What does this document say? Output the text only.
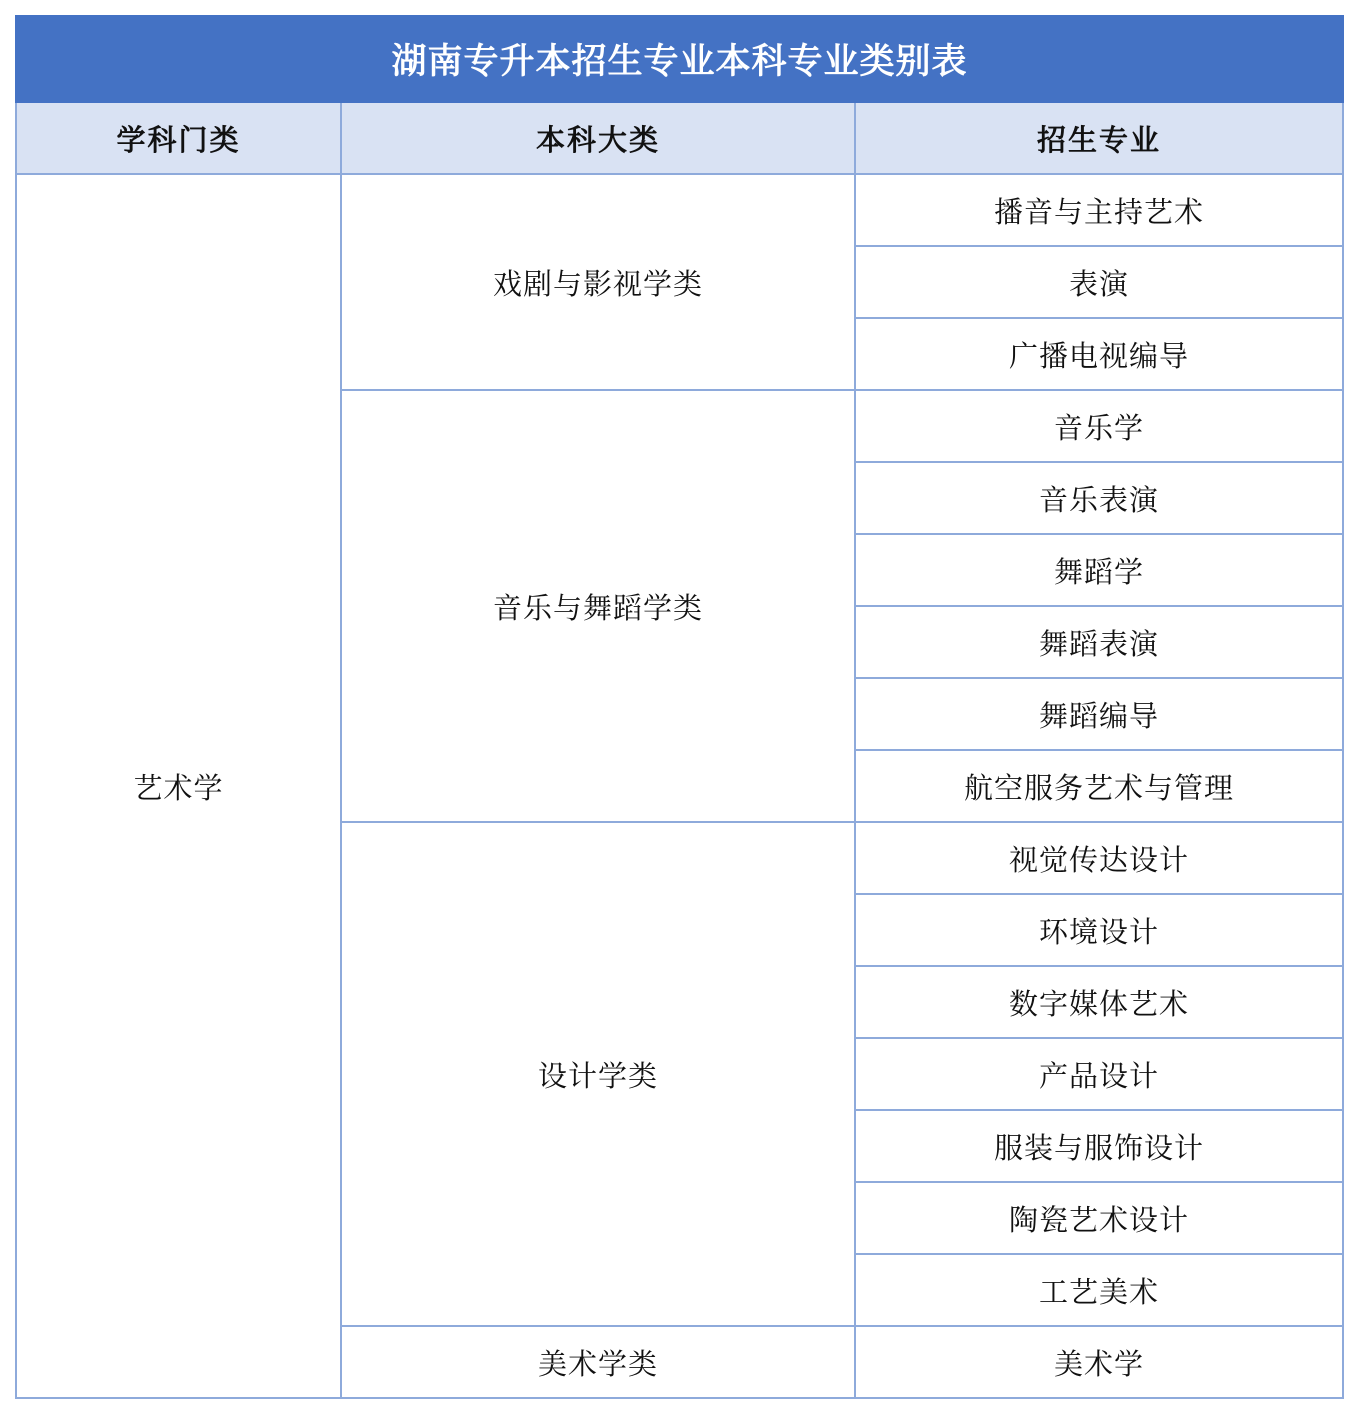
湖南专升本招生专业本科专业类别表		
学科门类	本科大类	招生专业
艺术学	戏剧与影视学类	播音与主持艺术
		表演
		广播电视编导
	音乐与舞蹈学类	音乐学
		音乐表演
		舞蹈学
		舞蹈表演
		舞蹈编导
		航空服务艺术与管理
	设计学类	视觉传达设计
		环境设计
		数字媒体艺术
		产品设计
		服装与服饰设计
		陶瓷艺术设计
		工艺美术
	美术学类	美术学
